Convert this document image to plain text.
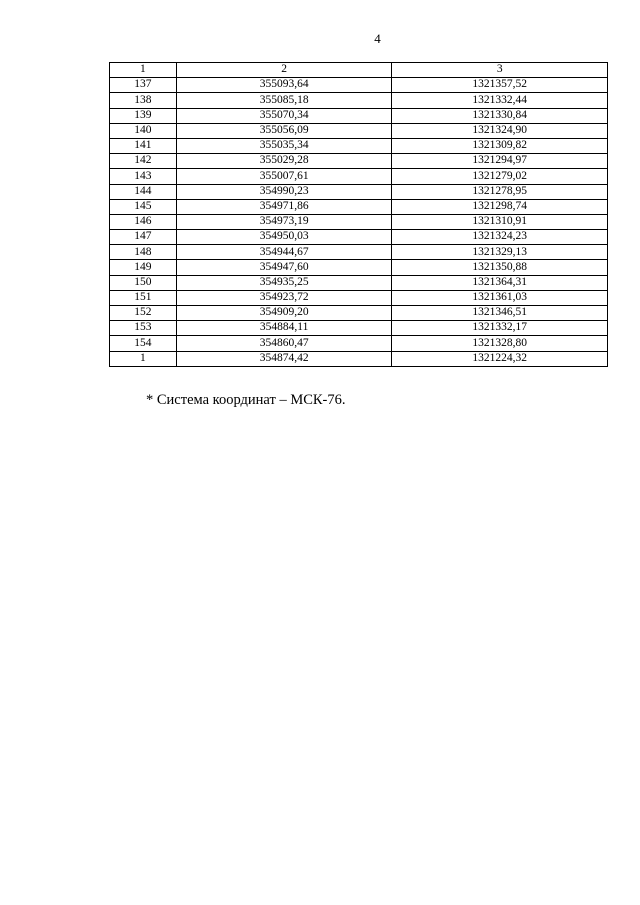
4
1	2	3
137	355093,64	1321357,52
138	355085,18	1321332,44
139	355070,34	1321330,84
140	355056,09	1321324,90
141	355035,34	1321309,82
142	355029,28	1321294,97
143	355007,61	1321279,02
144	354990,23	1321278,95
145	354971,86	1321298,74
146	354973,19	1321310,91
147	354950,03	1321324,23
148	354944,67	1321329,13
149	354947,60	1321350,88
150	354935,25	1321364,31
151	354923,72	1321361,03
152	354909,20	1321346,51
153	354884,11	1321332,17
154	354860,47	1321328,80
1	354874,42	1321224,32
* Система координат – МСК-76.
